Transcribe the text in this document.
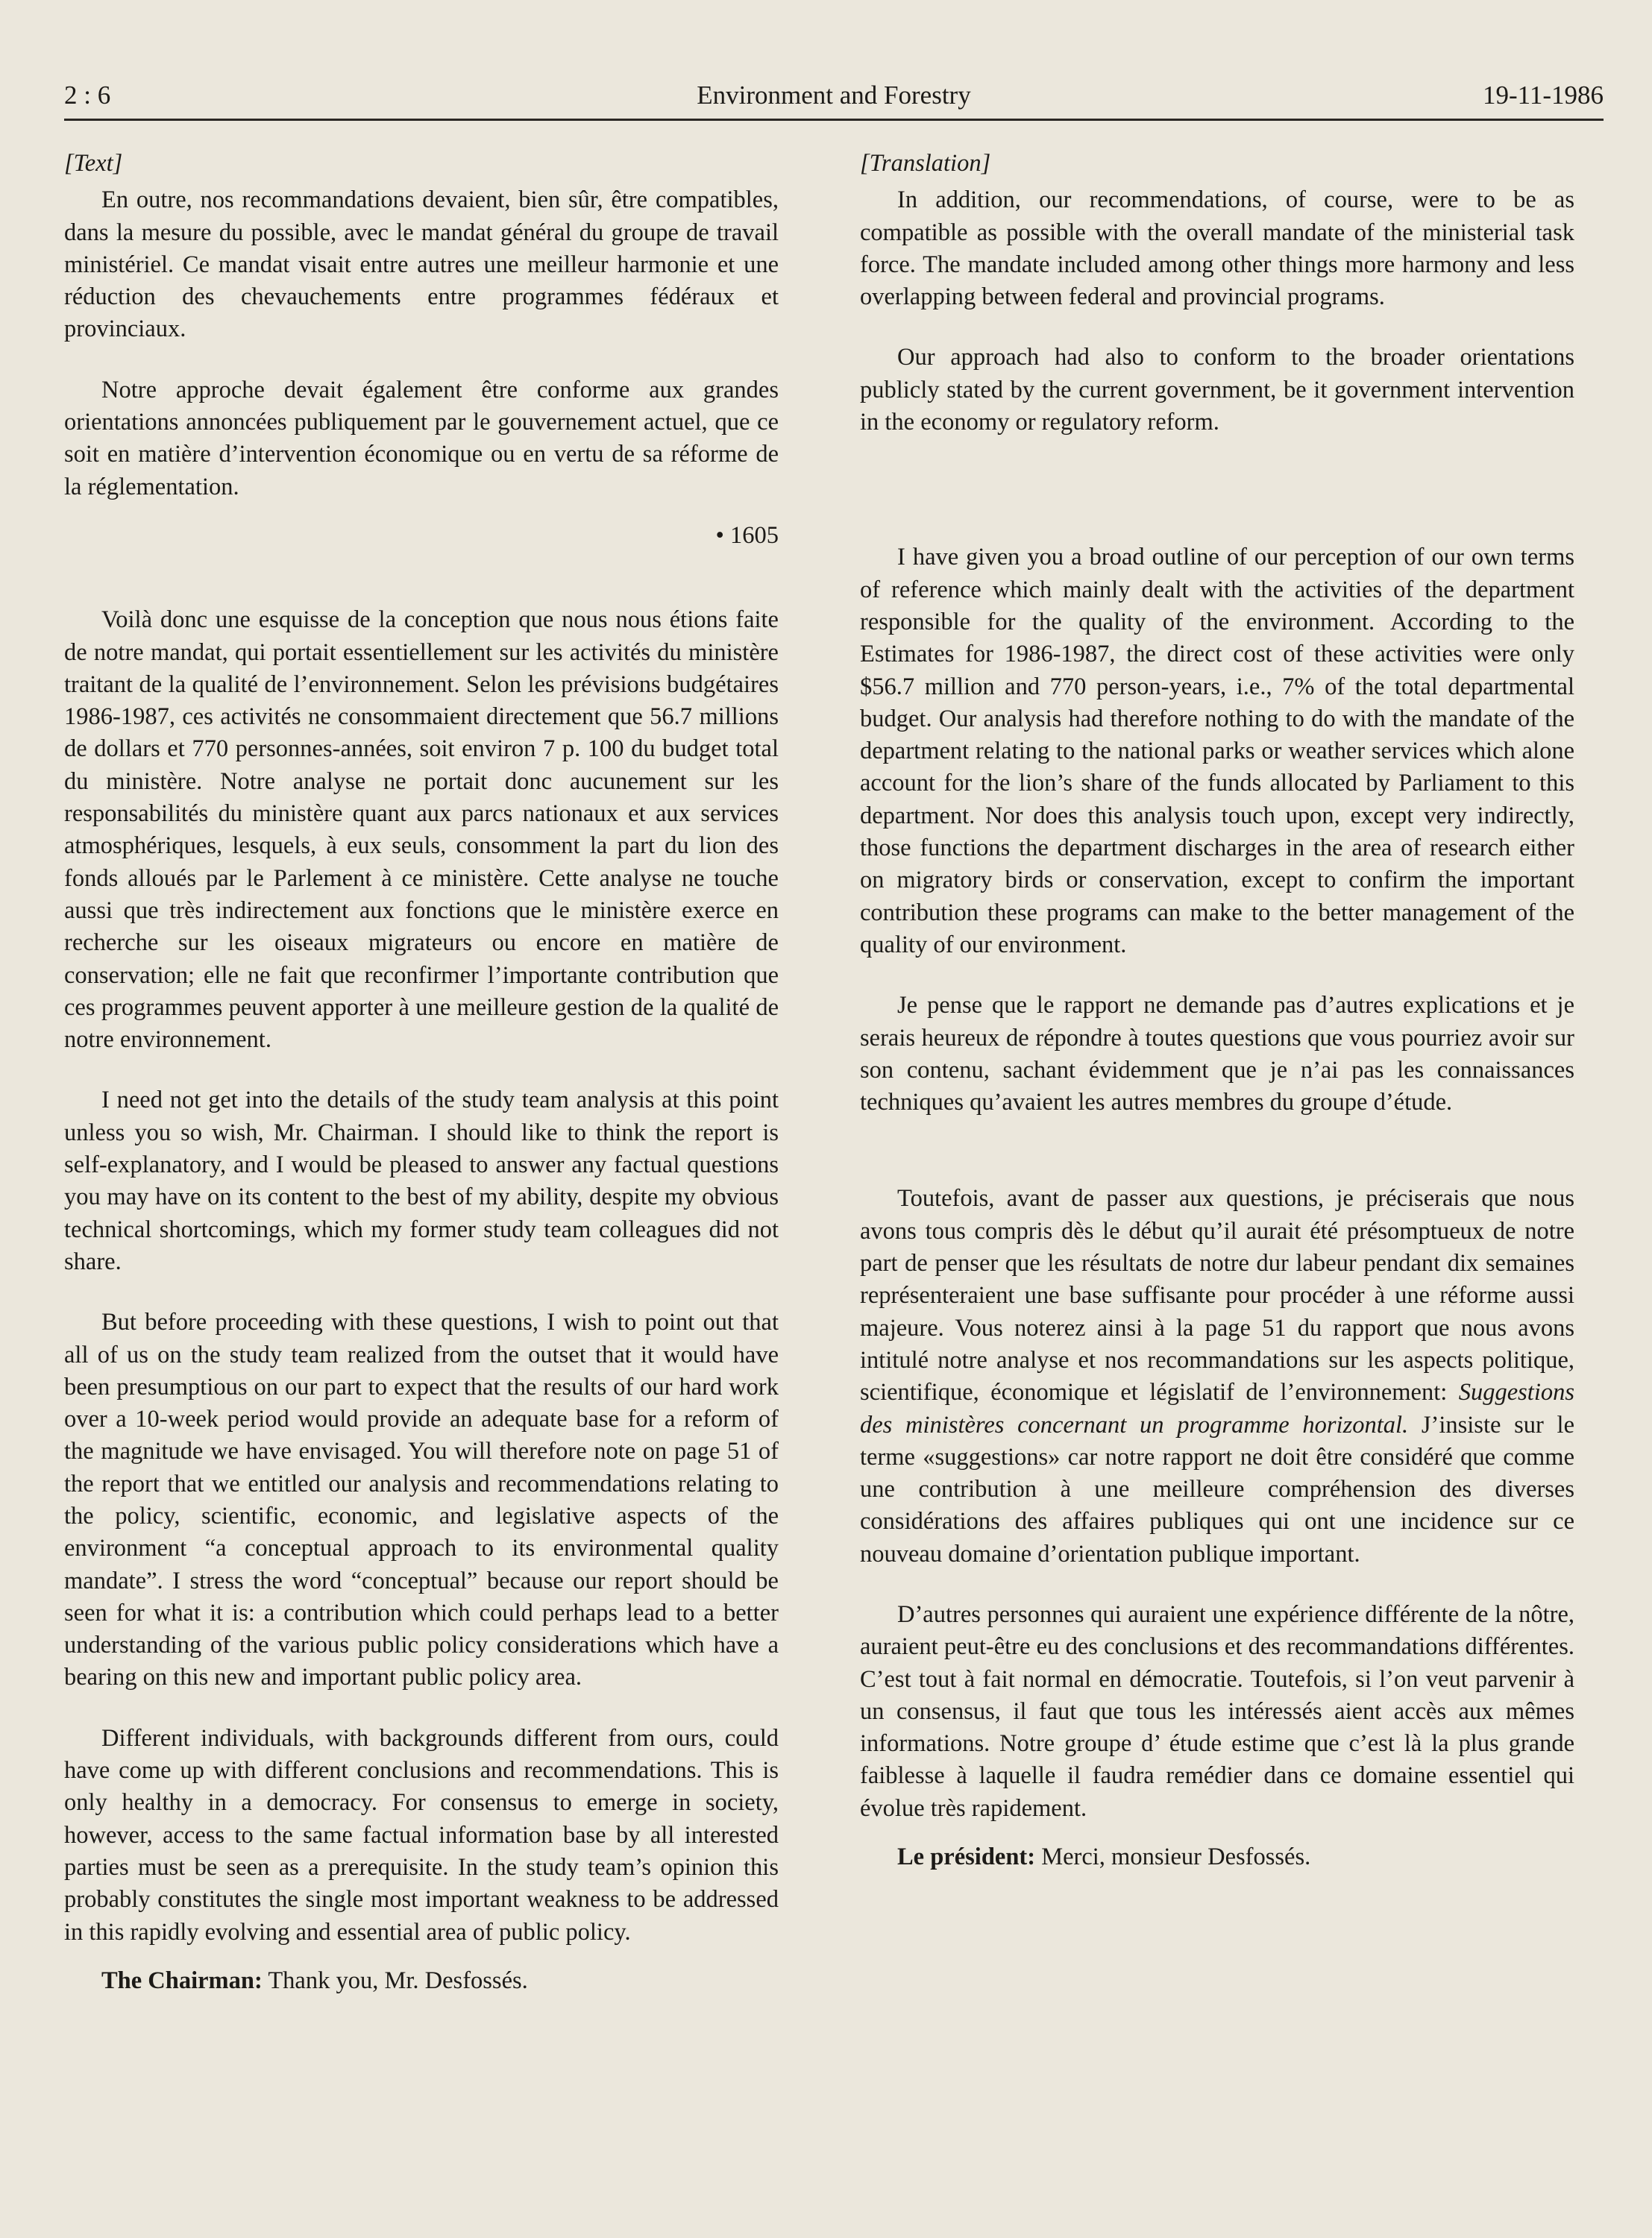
2 : 6	Environment and Forestry	19-11-1986
[Text]

En outre, nos recommandations devaient, bien sûr, être compatibles, dans la mesure du possible, avec le mandat général du groupe de travail ministériel. Ce mandat visait entre autres une meilleur harmonie et une réduction des chevauchements entre programmes fédéraux et provinciaux.

Notre approche devait également être conforme aux grandes orientations annoncées publiquement par le gouvernement actuel, que ce soit en matière d’intervention économique ou en vertu de sa réforme de la réglementation.

• 1605

Voilà donc une esquisse de la conception que nous nous étions faite de notre mandat, qui portait essentiellement sur les activités du ministère traitant de la qualité de l’environnement. Selon les prévisions budgétaires 1986-1987, ces activités ne consommaient directement que 56.7 millions de dollars et 770 personnes-années, soit environ 7 p. 100 du budget total du ministère. Notre analyse ne portait donc aucunement sur les responsabilités du ministère quant aux parcs nationaux et aux services atmosphériques, lesquels, à eux seuls, consomment la part du lion des fonds alloués par le Parlement à ce ministère. Cette analyse ne touche aussi que très indirectement aux fonctions que le ministère exerce en recherche sur les oiseaux migrateurs ou encore en matière de conservation; elle ne fait que reconfirmer l’importante contribution que ces programmes peuvent apporter à une meilleure gestion de la qualité de notre environnement.

I need not get into the details of the study team analysis at this point unless you so wish, Mr. Chairman. I should like to think the report is self-explanatory, and I would be pleased to answer any factual questions you may have on its content to the best of my ability, despite my obvious technical shortcomings, which my former study team colleagues did not share.

But before proceeding with these questions, I wish to point out that all of us on the study team realized from the outset that it would have been presumptious on our part to expect that the results of our hard work over a 10-week period would provide an adequate base for a reform of the magnitude we have envisaged. You will therefore note on page 51 of the report that we entitled our analysis and recommendations relating to the policy, scientific, economic, and legislative aspects of the environment “a conceptual approach to its environmental quality mandate”. I stress the word “conceptual” because our report should be seen for what it is: a contribution which could perhaps lead to a better understanding of the various public policy considerations which have a bearing on this new and important public policy area.

Different individuals, with backgrounds different from ours, could have come up with different conclusions and recommendations. This is only healthy in a democracy. For consensus to emerge in society, however, access to the same factual information base by all interested parties must be seen as a prerequisite. In the study team’s opinion this probably constitutes the single most important weakness to be addressed in this rapidly evolving and essential area of public policy.

The Chairman: Thank you, Mr. Desfossés.

[Translation]

In addition, our recommendations, of course, were to be as compatible as possible with the overall mandate of the ministerial task force. The mandate included among other things more harmony and less overlapping between federal and provincial programs.

Our approach had also to conform to the broader orientations publicly stated by the current government, be it government intervention in the economy or regulatory reform.

I have given you a broad outline of our perception of our own terms of reference which mainly dealt with the activities of the department responsible for the quality of the environment. According to the Estimates for 1986-1987, the direct cost of these activities were only $56.7 million and 770 person-years, i.e., 7% of the total departmental budget. Our analysis had therefore nothing to do with the mandate of the department relating to the national parks or weather services which alone account for the lion’s share of the funds allocated by Parliament to this department. Nor does this analysis touch upon, except very indirectly, those functions the department discharges in the area of research either on migratory birds or conservation, except to confirm the important contribution these programs can make to the better management of the quality of our environment.

Je pense que le rapport ne demande pas d’autres explications et je serais heureux de répondre à toutes questions que vous pourriez avoir sur son contenu, sachant évidemment que je n’ai pas les connaissances techniques qu’avaient les autres membres du groupe d’étude.

Toutefois, avant de passer aux questions, je préciserais que nous avons tous compris dès le début qu’il aurait été présomptueux de notre part de penser que les résultats de notre dur labeur pendant dix semaines représenteraient une base suffisante pour procéder à une réforme aussi majeure. Vous noterez ainsi à la page 51 du rapport que nous avons intitulé notre analyse et nos recommandations sur les aspects politique, scientifique, économique et législatif de l’environnement: Suggestions des ministères concernant un programme horizontal. J’insiste sur le terme «suggestions» car notre rapport ne doit être considéré que comme une contribution à une meilleure compréhension des diverses considérations des affaires publiques qui ont une incidence sur ce nouveau domaine d’orientation publique important.

D’autres personnes qui auraient une expérience différente de la nôtre, auraient peut-être eu des conclusions et des recommandations différentes. C’est tout à fait normal en démocratie. Toutefois, si l’on veut parvenir à un consensus, il faut que tous les intéressés aient accès aux mêmes informations. Notre groupe d’ étude estime que c’est là la plus grande faiblesse à laquelle il faudra remédier dans ce domaine essentiel qui évolue très rapidement.

Le président: Merci, monsieur Desfossés.
